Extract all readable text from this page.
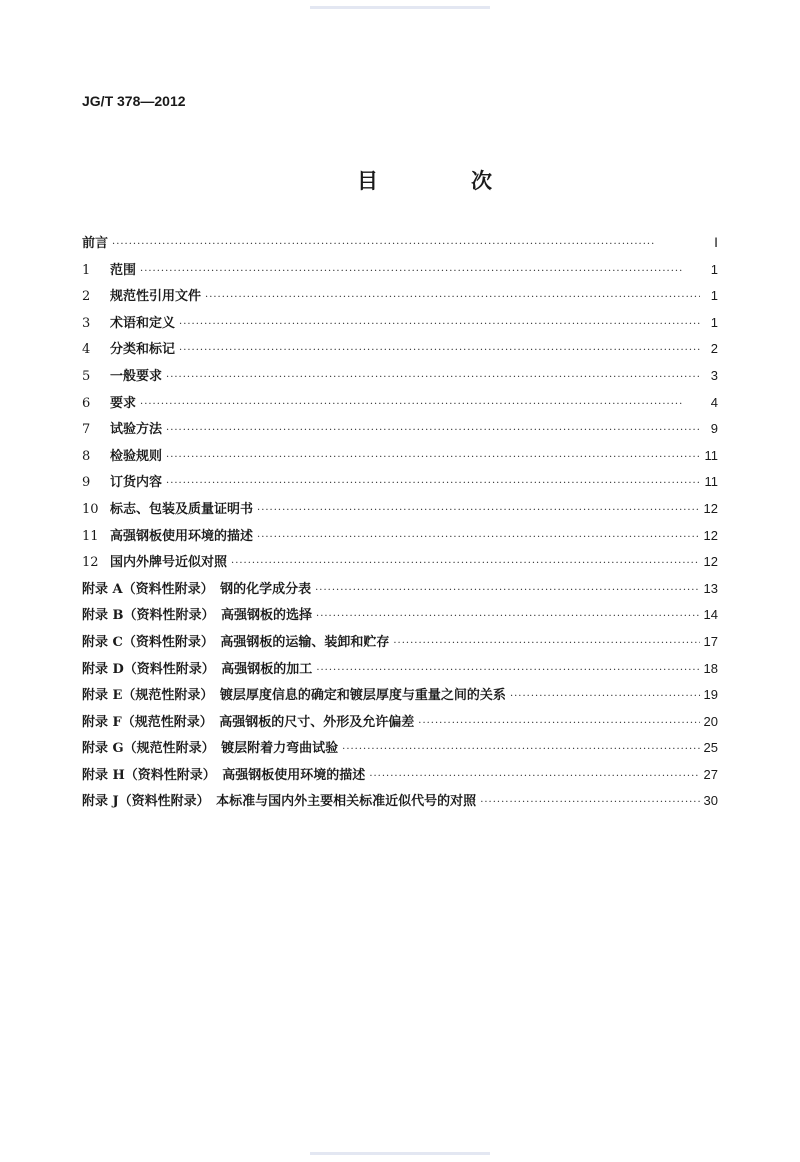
JG/T 378—2012
目　次
前言 ·····	Ⅰ
1	范围 ·····	1
2	规范性引用文件 ·····	1
3	术语和定义 ·····	1
4	分类和标记 ·····	2
5	一般要求 ·····	3
6	要求 ·····	4
7	试验方法 ·····	9
8	检验规则 ·····	11
9	订货内容 ·····	11
10 标志、包装及质量证明书 ·····	12
11 高强钢板使用环境的描述 ·····	12
12 国内外牌号近似对照 ·····	12
附录 A（资料性附录）　钢的化学成分表 ·····	13
附录 B（资料性附录）　高强钢板的选择 ·····	14
附录 C（资料性附录）　高强钢板的运输、装卸和贮存 ·····	17
附录 D（资料性附录）　高强钢板的加工 ·····	18
附录 E（规范性附录）　镀层厚度信息的确定和镀层厚度与重量之间的关系 ·····	19
附录 F（规范性附录）　高强钢板的尺寸、外形及允许偏差 ·····	20
附录 G（规范性附录）　镀层附着力弯曲试验 ·····	25
附录 H（资料性附录）　高强钢板使用环境的描述 ·····	27
附录 J（资料性附录）　本标准与国内外主要相关标准近似代号的对照 ·····	30
